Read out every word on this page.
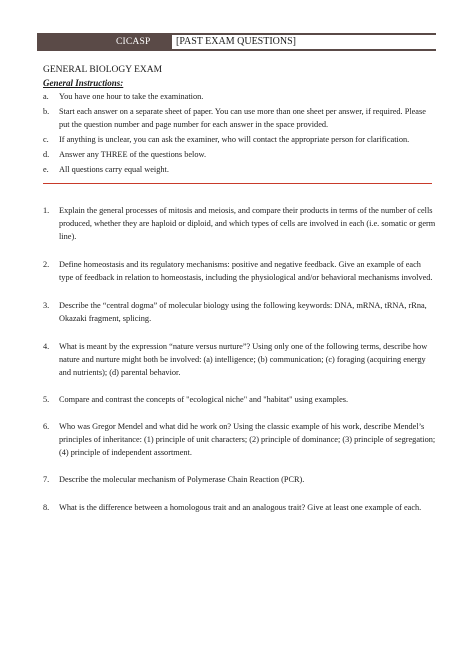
CICASP	[PAST EXAM QUESTIONS]
GENERAL BIOLOGY EXAM
General Instructions:
a. You have one hour to take the examination.
b. Start each answer on a separate sheet of paper. You can use more than one sheet per answer, if required. Please put the question number and page number for each answer in the space provided.
c. If anything is unclear, you can ask the examiner, who will contact the appropriate person for clarification.
d. Answer any THREE of the questions below.
e. All questions carry equal weight.
1. Explain the general processes of mitosis and meiosis, and compare their products in terms of the number of cells produced, whether they are haploid or diploid, and which types of cells are involved in each (i.e. somatic or germ line).
2. Define homeostasis and its regulatory mechanisms: positive and negative feedback. Give an example of each type of feedback in relation to homeostasis, including the physiological and/or behavioral mechanisms involved.
3. Describe the “central dogma” of molecular biology using the following keywords: DNA, mRNA, tRNA, rRna, Okazaki fragment, splicing.
4. What is meant by the expression “nature versus nurture”? Using only one of the following terms, describe how nature and nurture might both be involved: (a) intelligence; (b) communication; (c) foraging (acquiring energy and nutrients); (d) parental behavior.
5. Compare and contrast the concepts of "ecological niche" and "habitat" using examples.
6. Who was Gregor Mendel and what did he work on? Using the classic example of his work, describe Mendel’s principles of inheritance: (1) principle of unit characters; (2) principle of dominance; (3) principle of segregation; (4) principle of independent assortment.
7. Describe the molecular mechanism of Polymerase Chain Reaction (PCR).
8. What is the difference between a homologous trait and an analogous trait? Give at least one example of each.
